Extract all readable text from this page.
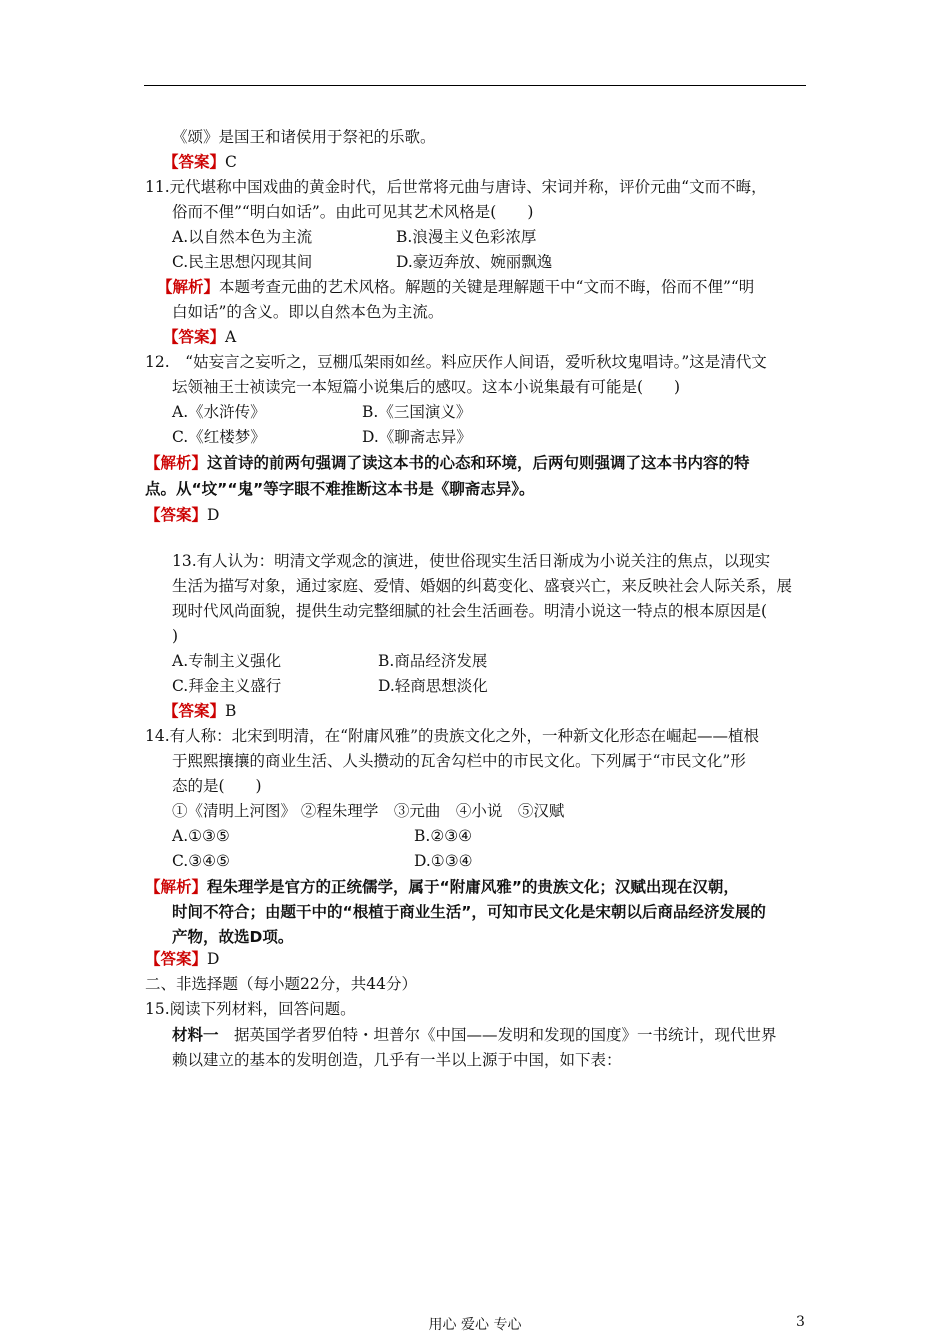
《颂》是国王和诸侯用于祭祀的乐歌。
【答案】C
11.元代堪称中国戏曲的黄金时代，后世常将元曲与唐诗、宋词并称，评价元曲“文而不晦，
俗而不俚”“明白如话”。由此可见其艺术风格是(　　)
A.以自然本色为主流	B.浪漫主义色彩浓厚
C.民主思想闪现其间	D.豪迈奔放、婉丽飘逸
【解析】本题考查元曲的艺术风格。解题的关键是理解题干中“文而不晦，俗而不俚”“明
白如话”的含义。即以自然本色为主流。
【答案】A
12.　“姑妄言之妄听之，豆棚瓜架雨如丝。料应厌作人间语，爱听秋坟鬼唱诗。”这是清代文
坛领袖王士祯读完一本短篇小说集后的感叹。这本小说集最有可能是(　　)
A.《水浒传》	B.《三国演义》
C.《红楼梦》	D.《聊斋志异》
【解析】这首诗的前两句强调了读这本书的心态和环境，后两句则强调了这本书内容的特
点。从“坟”“鬼”等字眼不难推断这本书是《聊斋志异》。
【答案】D
13.有人认为：明清文学观念的演进，使世俗现实生活日渐成为小说关注的焦点，以现实
生活为描写对象，通过家庭、爱情、婚姻的纠葛变化、盛衰兴亡，来反映社会人际关系，展
现时代风尚面貌，提供生动完整细腻的社会生活画卷。明清小说这一特点的根本原因是(
)
A.专制主义强化	B.商品经济发展
C.拜金主义盛行	D.轻商思想淡化
【答案】B
14.有人称：北宋到明清，在“附庸风雅”的贵族文化之外，一种新文化形态在崛起——植根
于熙熙攘攘的商业生活、人头攒动的瓦舍勾栏中的市民文化。下列属于“市民文化”形
态的是(　　)
①《清明上河图》 ②程朱理学　③元曲　④小说　⑤汉赋
A.①③⑤	B.②③④
C.③④⑤	D.①③④
【解析】程朱理学是官方的正统儒学，属于“附庸风雅”的贵族文化；汉赋出现在汉朝，
时间不符合；由题干中的“根植于商业生活”，可知市民文化是宋朝以后商品经济发展的
产物，故选D项。
【答案】D
二、非选择题（每小题22分，共44分）
15.阅读下列材料，回答问题。
材料一　据英国学者罗伯特・坦普尔《中国——发明和发现的国度》一书统计，现代世界
赖以建立的基本的发明创造，几乎有一半以上源于中国，如下表：
用心 爱心 专心	3
